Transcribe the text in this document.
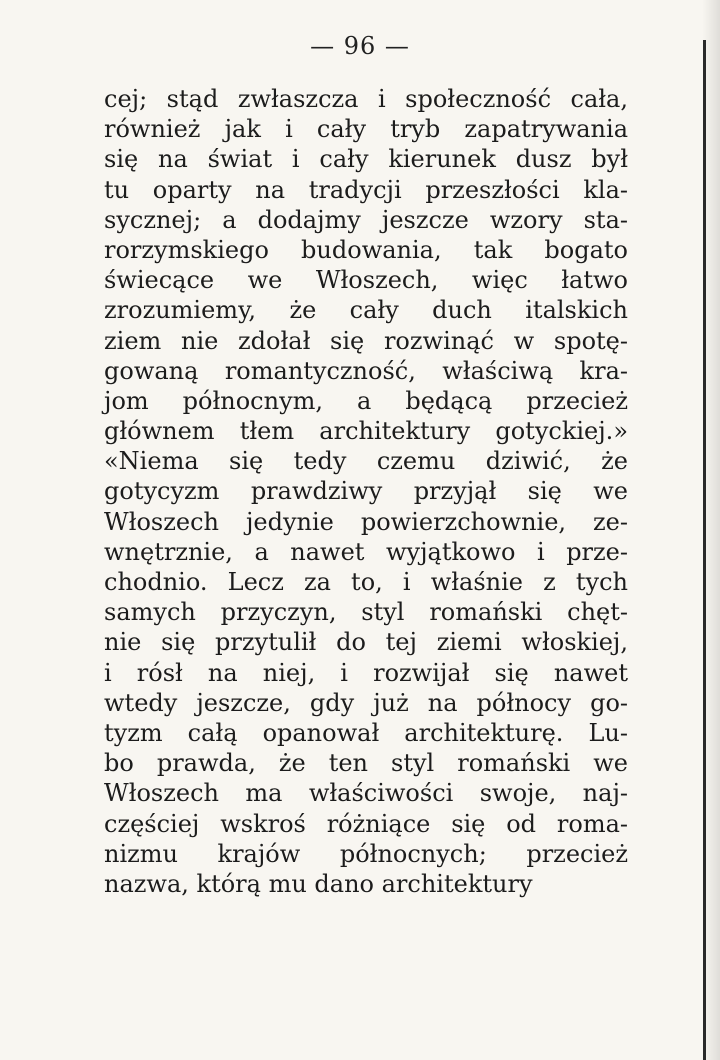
— 96 —
cej; stąd zwłaszcza i społeczność cała,
również jak i cały tryb zapatrywania
się na świat i cały kierunek dusz był
tu oparty na tradycji przeszłości kla-
sycznej; a dodajmy jeszcze wzory sta-
rorzymskiego budowania, tak bogato
świecące we Włoszech, więc łatwo
zrozumiemy, że cały duch italskich
ziem nie zdołał się rozwinąć w spotę-
gowaną romantyczność, właściwą kra-
jom północnym, a będącą przecież
głównem tłem architektury gotyckiej.»
«Niema się tedy czemu dziwić, że
gotycyzm prawdziwy przyjął się we
Włoszech jedynie powierzchownie, ze-
wnętrznie, a nawet wyjątkowo i prze-
chodnio. Lecz za to, i właśnie z tych
samych przyczyn, styl romański chęt-
nie się przytulił do tej ziemi włoskiej,
i rósł na niej, i rozwijał się nawet
wtedy jeszcze, gdy już na północy go-
tyzm całą opanował architekturę. Lu-
bo prawda, że ten styl romański we
Włoszech ma właściwości swoje, naj-
częściej wskroś różniące się od roma-
nizmu krajów północnych; przecież
nazwa, którą mu dano architektury
